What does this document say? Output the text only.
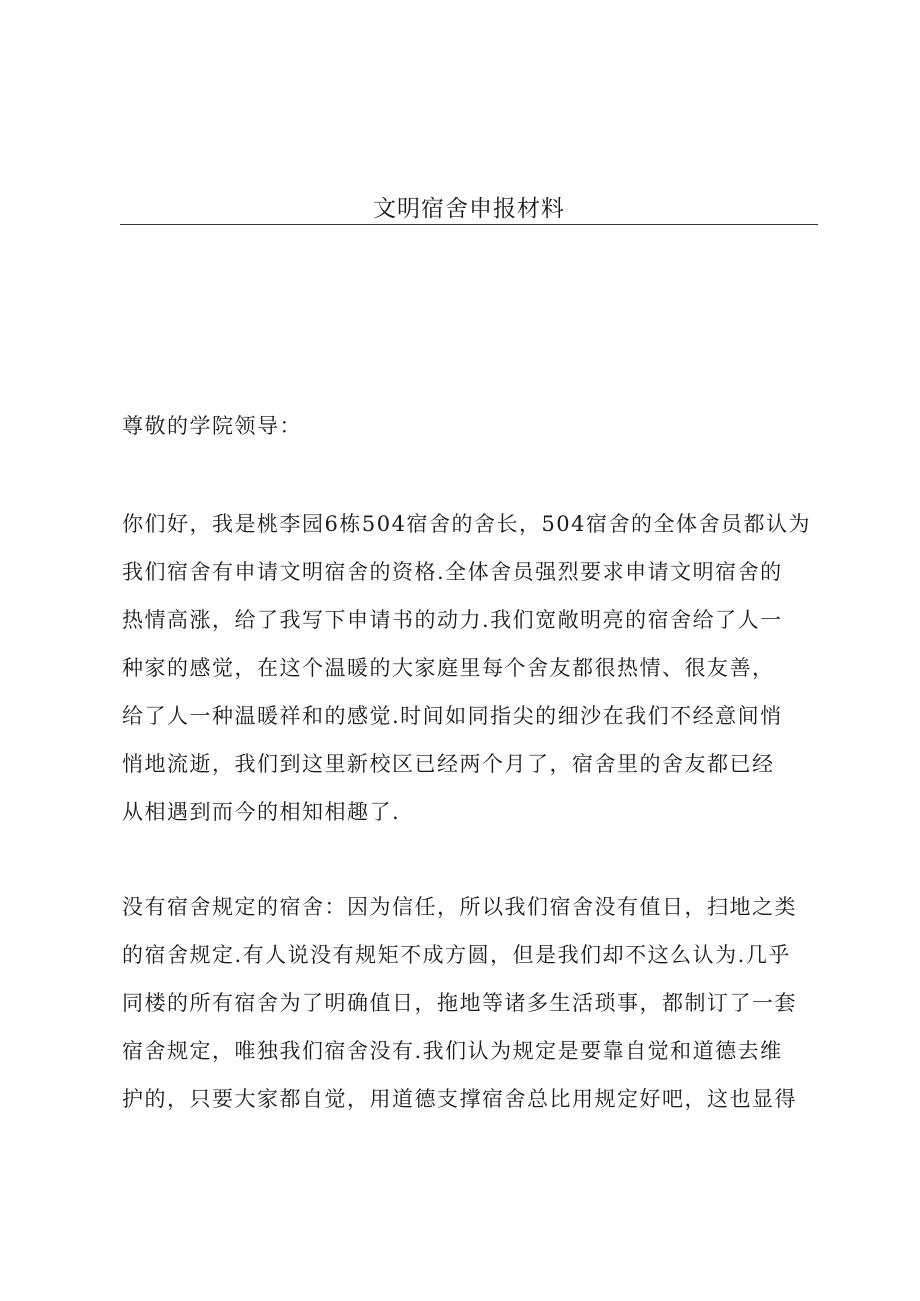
文明宿舍申报材料

尊敬的学院领导：

你们好，我是桃李园6栋504宿舍的舍长，504宿舍的全体舍员都认为
我们宿舍有申请文明宿舍的资格.全体舍员强烈要求申请文明宿舍的
热情高涨，给了我写下申请书的动力.我们宽敞明亮的宿舍给了人一
种家的感觉，在这个温暖的大家庭里每个舍友都很热情、很友善，
给了人一种温暖祥和的感觉.时间如同指尖的细沙在我们不经意间悄
悄地流逝，我们到这里新校区已经两个月了，宿舍里的舍友都已经
从相遇到而今的相知相趣了.

没有宿舍规定的宿舍：因为信任，所以我们宿舍没有值日，扫地之类
的宿舍规定.有人说没有规矩不成方圆，但是我们却不这么认为.几乎
同楼的所有宿舍为了明确值日，拖地等诸多生活琐事，都制订了一套
宿舍规定，唯独我们宿舍没有.我们认为规定是要靠自觉和道德去维
护的，只要大家都自觉，用道德支撑宿舍总比用规定好吧，这也显得
